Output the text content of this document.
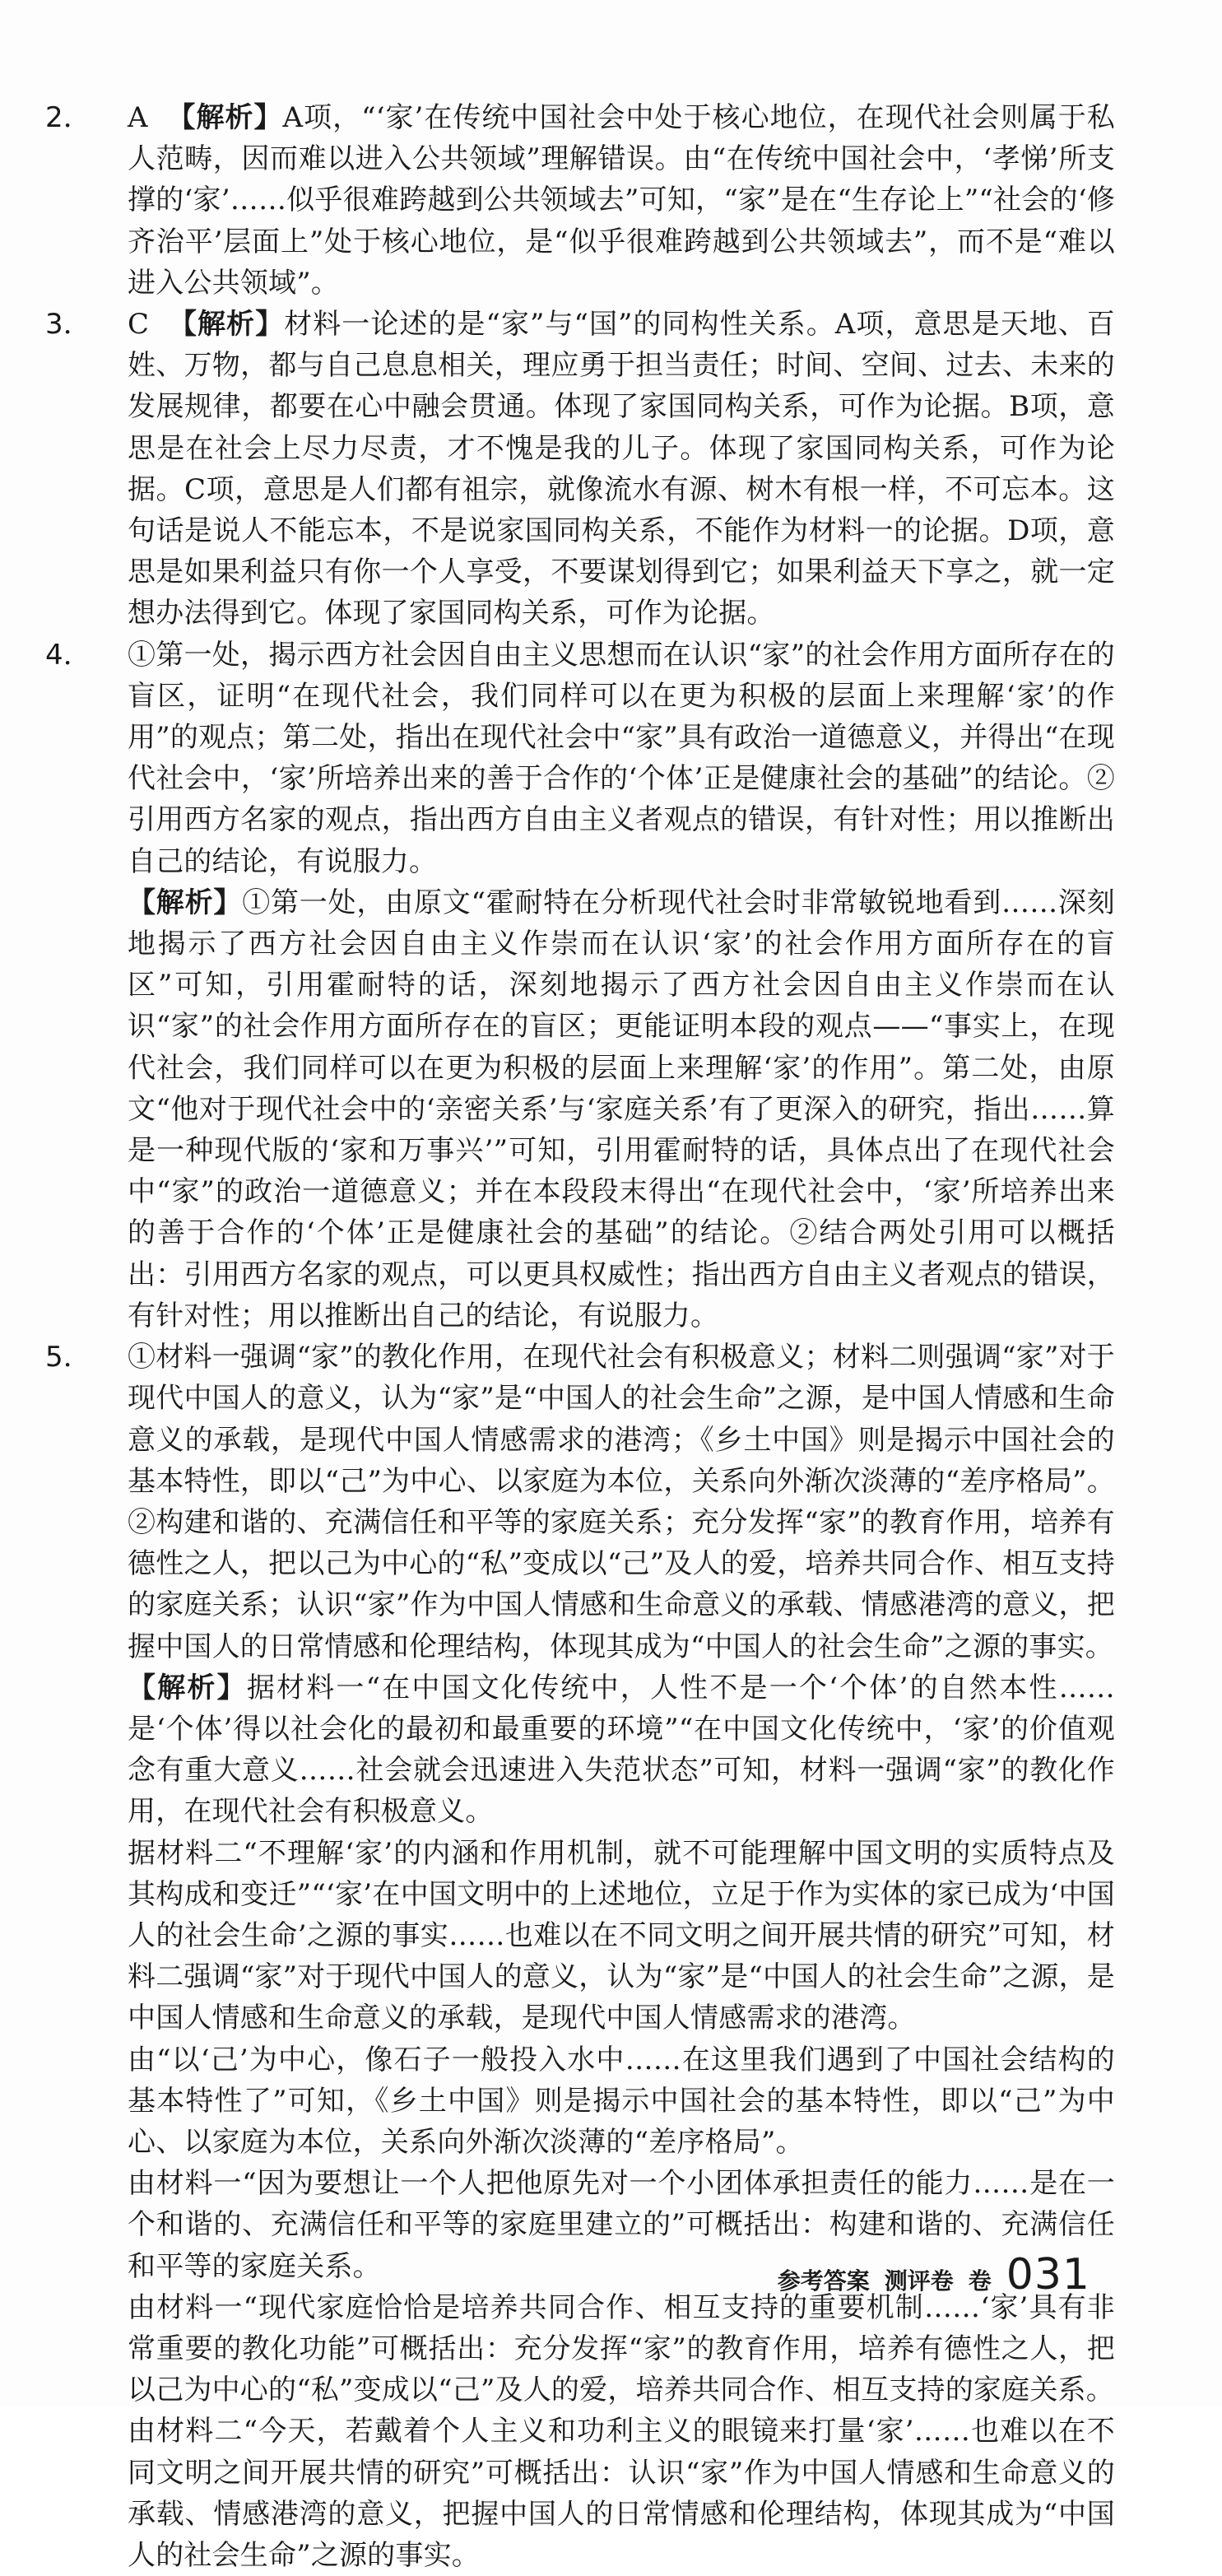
2．	A 【解析】A项，“‘家’在传统中国社会中处于核心地位，在现代社会则属于私人范畴，因而难以进入公共领域”理解错误。由“在传统中国社会中，‘孝悌’所支撑的‘家’……似乎很难跨越到公共领域去”可知，“家”是在“生存论上”“社会的‘修齐治平’层面上”处于核心地位，是“似乎很难跨越到公共领域去”，而不是“难以进入公共领域”。

3．	C 【解析】材料一论述的是“家”与“国”的同构性关系。A项，意思是天地、百姓、万物，都与自己息息相关，理应勇于担当责任；时间、空间、过去、未来的发展规律，都要在心中融会贯通。体现了家国同构关系，可作为论据。B项，意思是在社会上尽力尽责，才不愧是我的儿子。体现了家国同构关系，可作为论据。C项，意思是人们都有祖宗，就像流水有源、树木有根一样，不可忘本。这句话是说人不能忘本，不是说家国同构关系，不能作为材料一的论据。D项，意思是如果利益只有你一个人享受，不要谋划得到它；如果利益天下享之，就一定想办法得到它。体现了家国同构关系，可作为论据。

4．	①第一处，揭示西方社会因自由主义思想而在认识“家”的社会作用方面所存在的盲区，证明“在现代社会，我们同样可以在更为积极的层面上来理解‘家’的作用”的观点；第二处，指出在现代社会中“家”具有政治一道德意义，并得出“在现代社会中，‘家’所培养出来的善于合作的‘个体’正是健康社会的基础”的结论。②引用西方名家的观点，指出西方自由主义者观点的错误，有针对性；用以推断出自己的结论，有说服力。

【解析】①第一处，由原文“霍耐特在分析现代社会时非常敏锐地看到……深刻地揭示了西方社会因自由主义作崇而在认识‘家’的社会作用方面所存在的盲区”可知，引用霍耐特的话，深刻地揭示了西方社会因自由主义作崇而在认识“家”的社会作用方面所存在的盲区；更能证明本段的观点——“事实上，在现代社会，我们同样可以在更为积极的层面上来理解‘家’的作用”。第二处，由原文“他对于现代社会中的‘亲密关系’与‘家庭关系’有了更深入的研究，指出……算是一种现代版的‘家和万事兴’”可知，引用霍耐特的话，具体点出了在现代社会中“家”的政治一道德意义；并在本段段末得出“在现代社会中，‘家’所培养出来的善于合作的‘个体’正是健康社会的基础”的结论。②结合两处引用可以概括出：引用西方名家的观点，可以更具权威性；指出西方自由主义者观点的错误，有针对性；用以推断出自己的结论，有说服力。

5．	①材料一强调“家”的教化作用，在现代社会有积极意义；材料二则强调“家”对于现代中国人的意义，认为“家”是“中国人的社会生命”之源，是中国人情感和生命意义的承载，是现代中国人情感需求的港湾；《乡土中国》则是揭示中国社会的基本特性，即以“己”为中心、以家庭为本位，关系向外渐次淡薄的“差序格局”。②构建和谐的、充满信任和平等的家庭关系；充分发挥“家”的教育作用，培养有德性之人，把以己为中心的“私”变成以“己”及人的爱，培养共同合作、相互支持的家庭关系；认识“家”作为中国人情感和生命意义的承载、情感港湾的意义，把握中国人的日常情感和伦理结构，体现其成为“中国人的社会生命”之源的事实。

【解析】据材料一“在中国文化传统中，人性不是一个‘个体’的自然本性……是‘个体’得以社会化的最初和最重要的环境”“在中国文化传统中，‘家’的价值观念有重大意义……社会就会迅速进入失范状态”可知，材料一强调“家”的教化作用，在现代社会有积极意义。

据材料二“不理解‘家’的内涵和作用机制，就不可能理解中国文明的实质特点及其构成和变迁”“‘家’在中国文明中的上述地位，立足于作为实体的家已成为‘中国人的社会生命’之源的事实……也难以在不同文明之间开展共情的研究”可知，材料二强调“家”对于现代中国人的意义，认为“家”是“中国人的社会生命”之源，是中国人情感和生命意义的承载，是现代中国人情感需求的港湾。

由“以‘己’为中心，像石子一般投入水中……在这里我们遇到了中国社会结构的基本特性了”可知，《乡土中国》则是揭示中国社会的基本特性，即以“己”为中心、以家庭为本位，关系向外渐次淡薄的“差序格局”。

由材料一“因为要想让一个人把他原先对一个小团体承担责任的能力……是在一个和谐的、充满信任和平等的家庭里建立的”可概括出：构建和谐的、充满信任和平等的家庭关系。

由材料一“现代家庭恰恰是培养共同合作、相互支持的重要机制……‘家’具有非常重要的教化功能”可概括出：充分发挥“家”的教育作用，培养有德性之人，把以己为中心的“私”变成以“己”及人的爱，培养共同合作、相互支持的家庭关系。

由材料二“今天，若戴着个人主义和功利主义的眼镜来打量‘家’……也难以在不同文明之间开展共情的研究”可概括出：认识“家”作为中国人情感和生命意义的承载、情感港湾的意义，把握中国人的日常情感和伦理结构，体现其成为“中国人的社会生命”之源的事实。

参考答案 测评卷 卷 031
